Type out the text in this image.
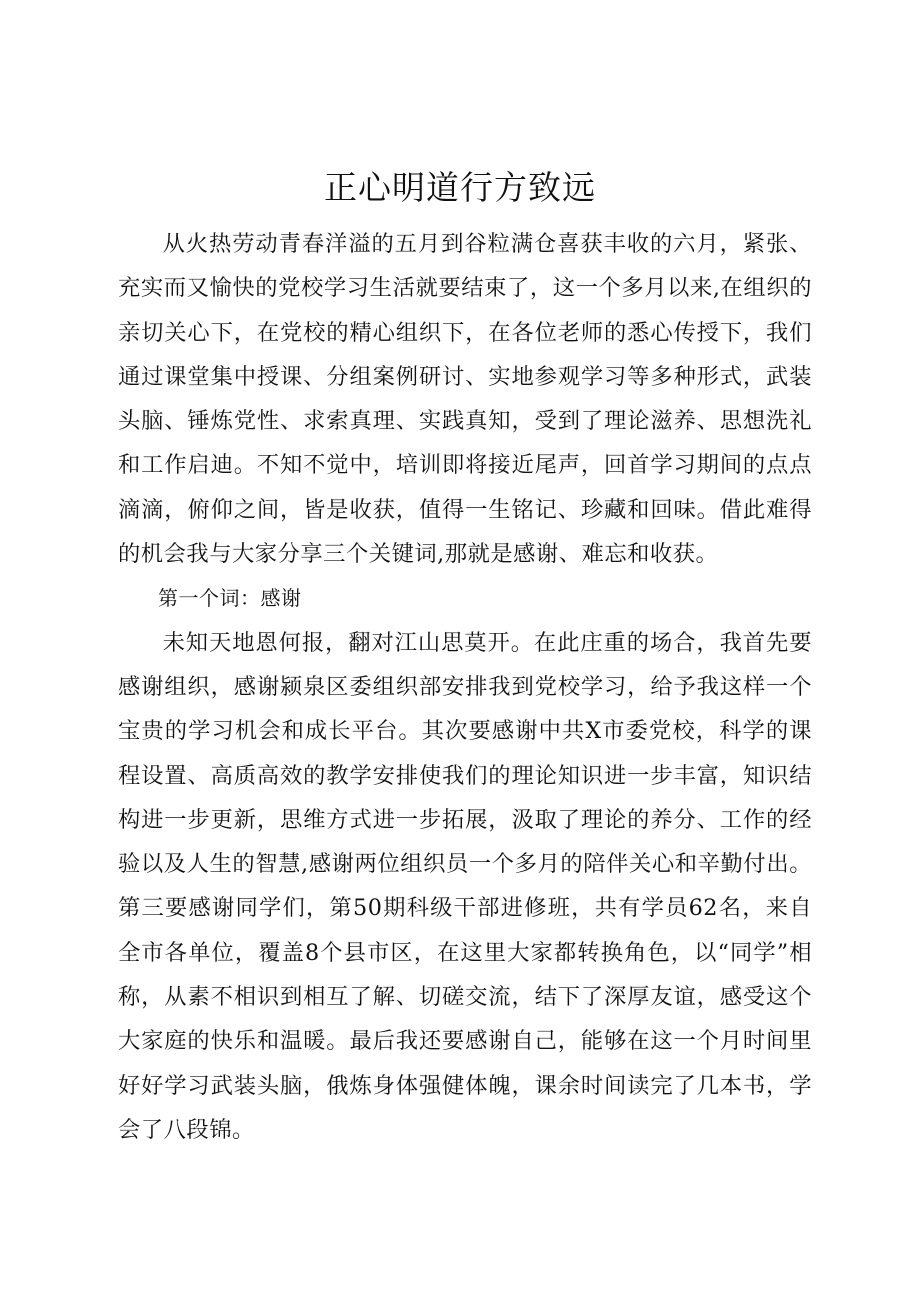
正心明道行方致远

从火热劳动青春洋溢的五月到谷粒满仓喜获丰收的六月，紧张、充实而又愉快的党校学习生活就要结束了，这一个多月以来,在组织的亲切关心下，在党校的精心组织下，在各位老师的悉心传授下，我们通过课堂集中授课、分组案例研讨、实地参观学习等多种形式，武装头脑、锤炼党性、求索真理、实践真知，受到了理论滋养、思想洗礼和工作启迪。不知不觉中，培训即将接近尾声，回首学习期间的点点滴滴，俯仰之间，皆是收获，值得一生铭记、珍藏和回味。借此难得的机会我与大家分享三个关键词,那就是感谢、难忘和收获。

第一个词：感谢

未知天地恩何报，翻对江山思莫开。在此庄重的场合，我首先要感谢组织，感谢颍泉区委组织部安排我到党校学习，给予我这样一个宝贵的学习机会和成长平台。其次要感谢中共X市委党校，科学的课程设置、高质高效的教学安排使我们的理论知识进一步丰富，知识结构进一步更新，思维方式进一步拓展，汲取了理论的养分、工作的经验以及人生的智慧,感谢两位组织员一个多月的陪伴关心和辛勤付出。第三要感谢同学们，第50期科级干部进修班，共有学员62名，来自全市各单位，覆盖8个县市区，在这里大家都转换角色，以“同学”相称，从素不相识到相互了解、切磋交流，结下了深厚友谊，感受这个大家庭的快乐和温暖。最后我还要感谢自己，能够在这一个月时间里好好学习武装头脑，俄炼身体强健体魄，课余时间读完了几本书，学会了八段锦。
